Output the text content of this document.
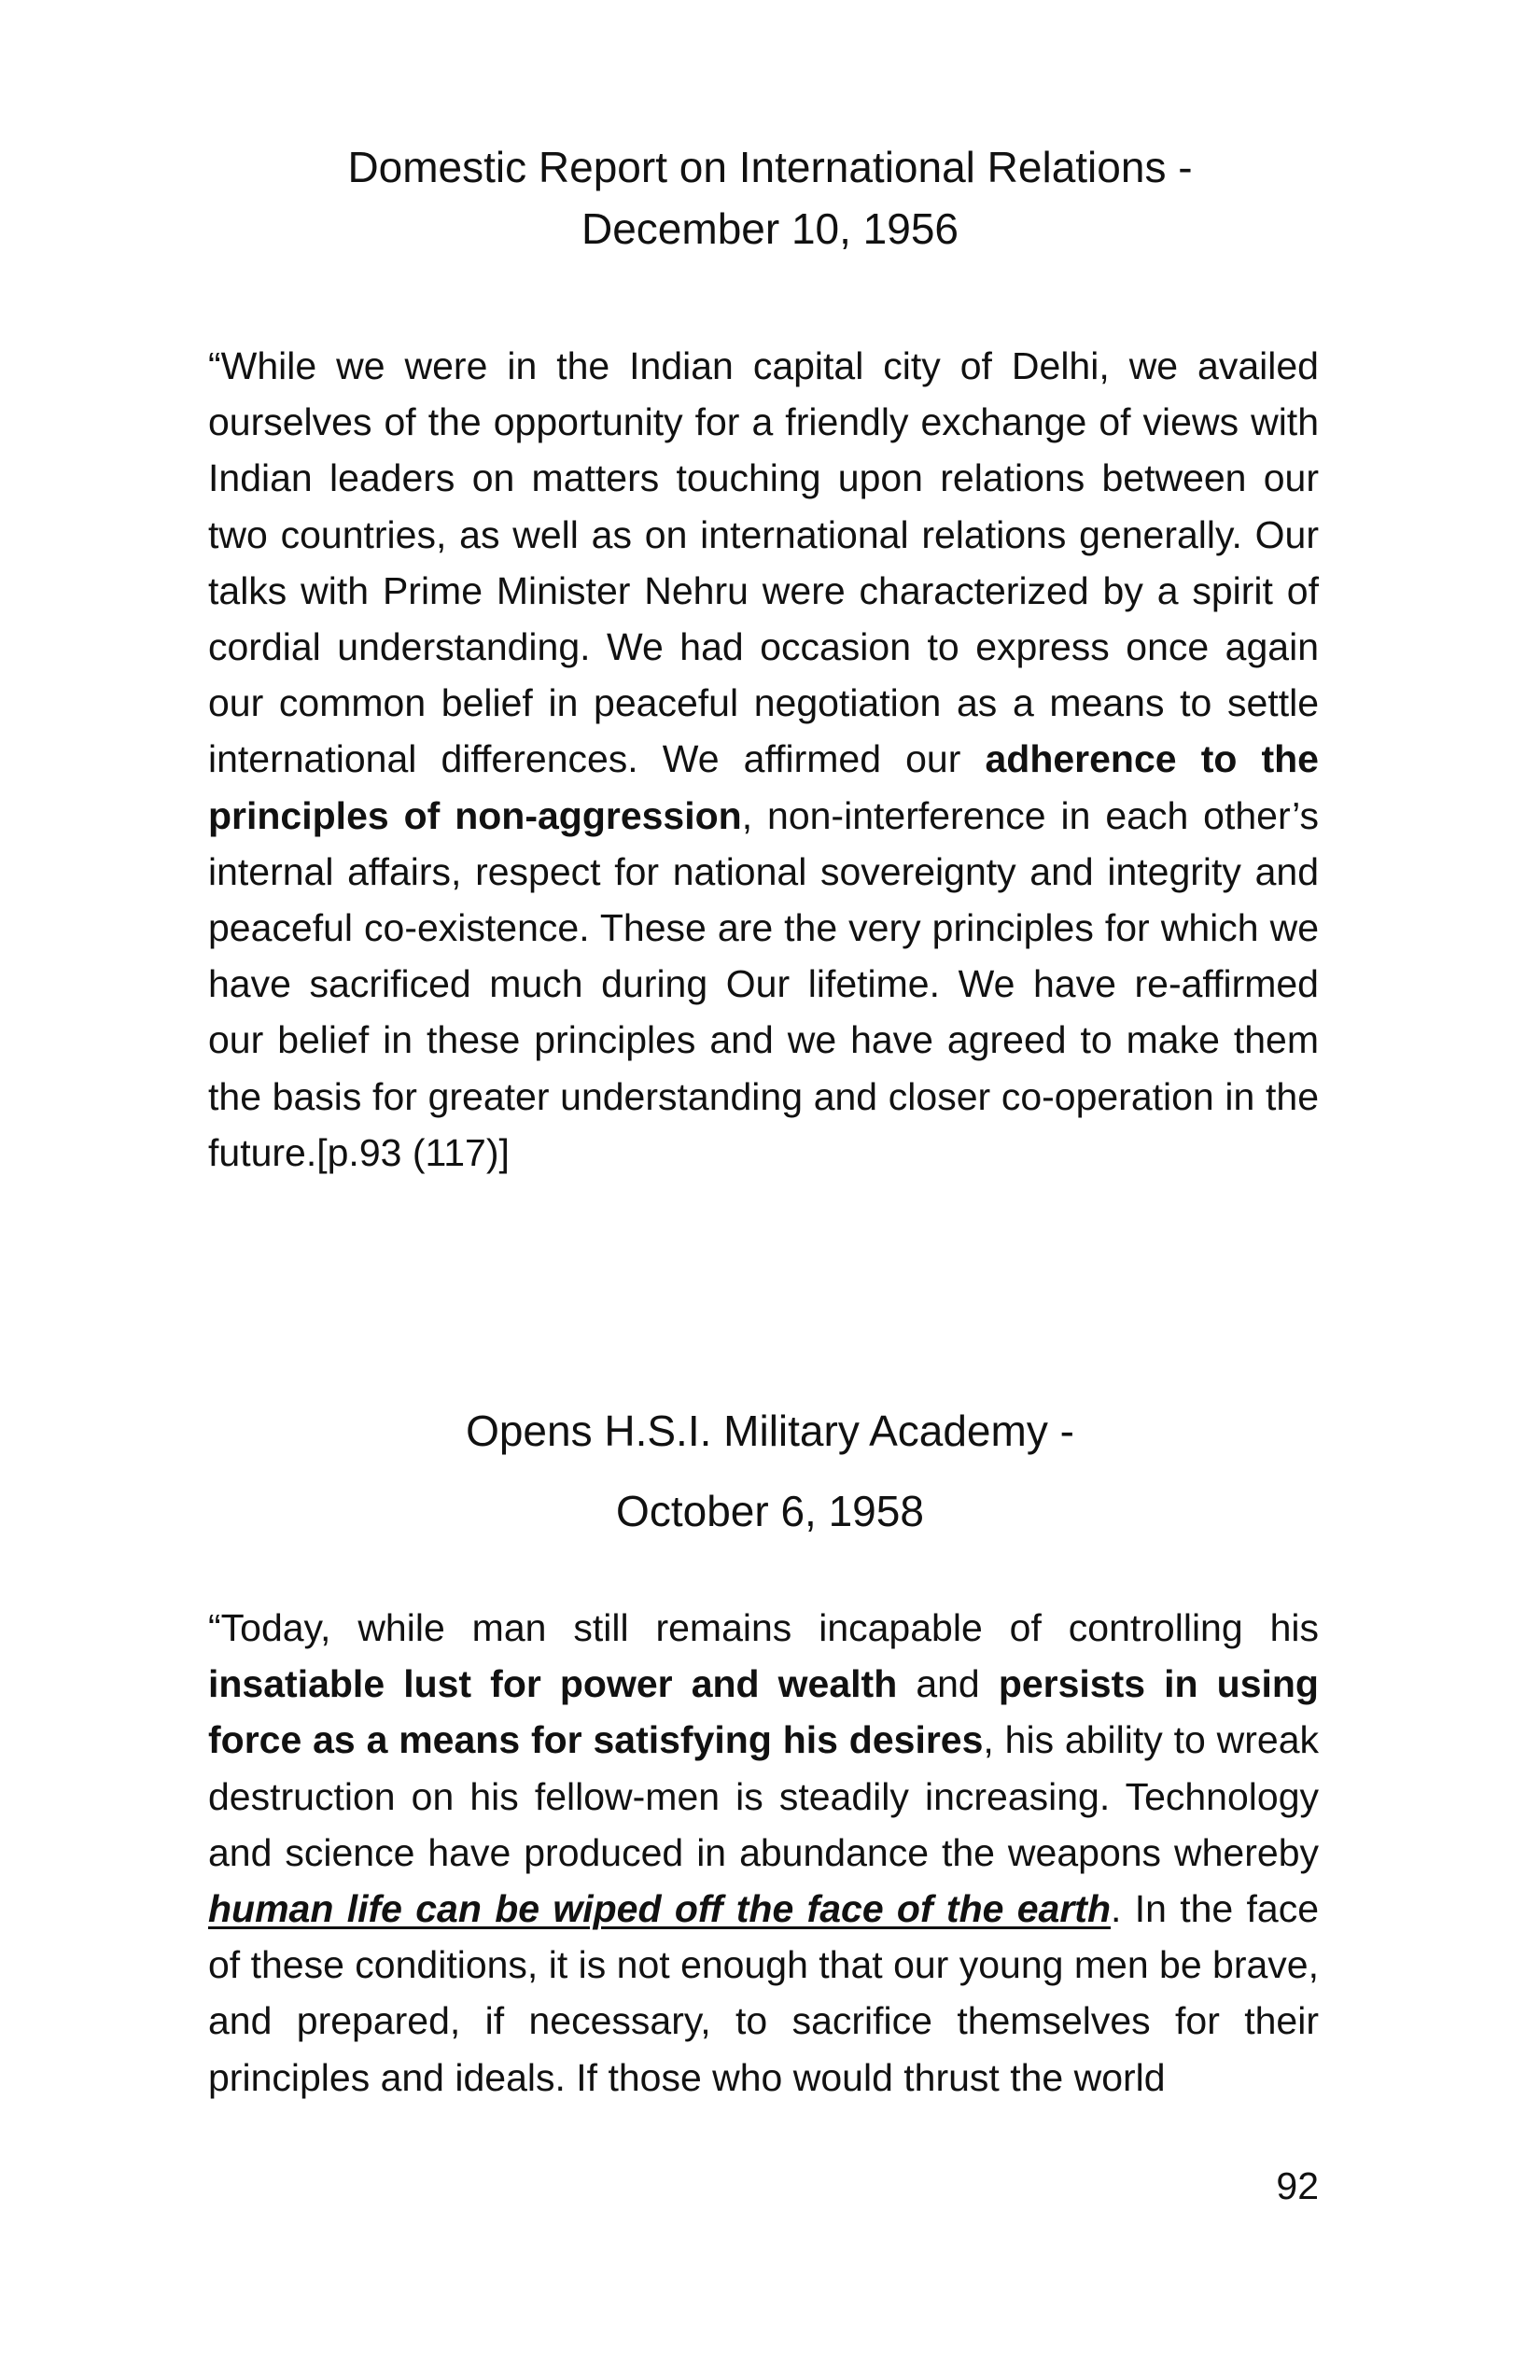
Domestic Report on International Relations -
December 10, 1956

“While we were in the Indian capital city of Delhi, we availed ourselves of the opportunity for a friendly exchange of views with Indian leaders on matters touching upon relations between our two countries, as well as on international relations generally. Our talks with Prime Minister Nehru were characterized by a spirit of cordial understanding. We had occasion to express once again our common belief in peaceful negotiation as a means to settle international differences. We affirmed our adherence to the principles of non-aggression, non-interference in each other’s internal affairs, respect for national sovereignty and integrity and peaceful co-existence. These are the very principles for which we have sacrificed much during Our lifetime. We have re-affirmed our belief in these principles and we have agreed to make them the basis for greater understanding and closer co-operation in the future.[p.93 (117)]

Opens H.S.I. Military Academy -
October 6, 1958

“Today, while man still remains incapable of controlling his insatiable lust for power and wealth and persists in using force as a means for satisfying his desires, his ability to wreak destruction on his fellow-men is steadily increasing. Technology and science have produced in abundance the weapons whereby human life can be wiped off the face of the earth. In the face of these conditions, it is not enough that our young men be brave, and prepared, if necessary, to sacrifice themselves for their principles and ideals. If those who would thrust the world

92
